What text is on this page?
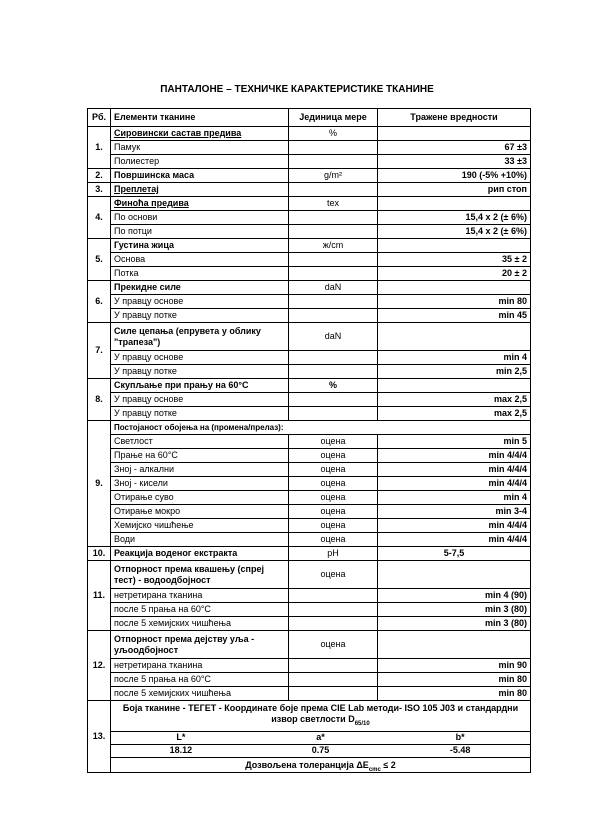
ПАНТАЛОНЕ – ТЕХНИЧКЕ КАРАКТЕРИСТИКЕ ТКАНИНЕ
Рб.	Елементи тканине	Јединица мере	Тражене вредности
1.	Сировински састав предива	%	
Памук		67 ±3
Полиестер		33 ±3
2.	Површинска маса	g/m²	190 (-5% +10%)
3.	Преплетај		рип стоп
4.	Финоћа предива	tex	
По основи		15,4 x 2 (± 6%)
По потци		15,4 x 2 (± 6%)
5.	Густина жица	ж/cm	
Основа		35 ± 2
Потка		20 ± 2
6.	Прекидне силе	daN	
У правцу основе		min 80
У правцу потке		min 45
7.	Силе цепања (епрувета у облику "трапеза")	daN	
У правцу основе		min 4
У правцу потке		min 2,5
8.	Скупљање при прању на 60°C	%	
У правцу основе		max 2,5
У правцу потке		max 2,5
9.	Постојаност обојења на (промена/прелаз):
Светлост	оцена	min 5
Прање на 60°C	оцена	min 4/4/4
Зној - алкални	оцена	min 4/4/4
Зној - кисели	оцена	min 4/4/4
Отирање суво	оцена	min 4
Отирање мокро	оцена	min 3-4
Хемијско чишћење	оцена	min 4/4/4
Води	оцена	min 4/4/4
10.	Реакција воденог екстракта	pH	5-7,5
11.	Отпорност према квашењу (спреј тест) - водоодбојност	оцена	
нетретирана тканина		min 4 (90)
после 5 прања на 60°C		min 3 (80)
после 5 хемијских чишћења		min 3 (80)
12.	Отпорност према дејству уља - уљоодбојност	оцена	
нетретирана тканина		min 90
после 5 прања на 60°C		min 80
после 5 хемијских чишћења		min 80
13.	
Боја тканине - ТЕГЕТ - Координате боје према CIE Lab методи- ISO 105 J03 и стандардни извор светлости $D_{65/10}$
L*	a*	b*
18.12	0.75	-5.48
Дозвољена толеранција $\Delta E_{cmc} \le 2$
